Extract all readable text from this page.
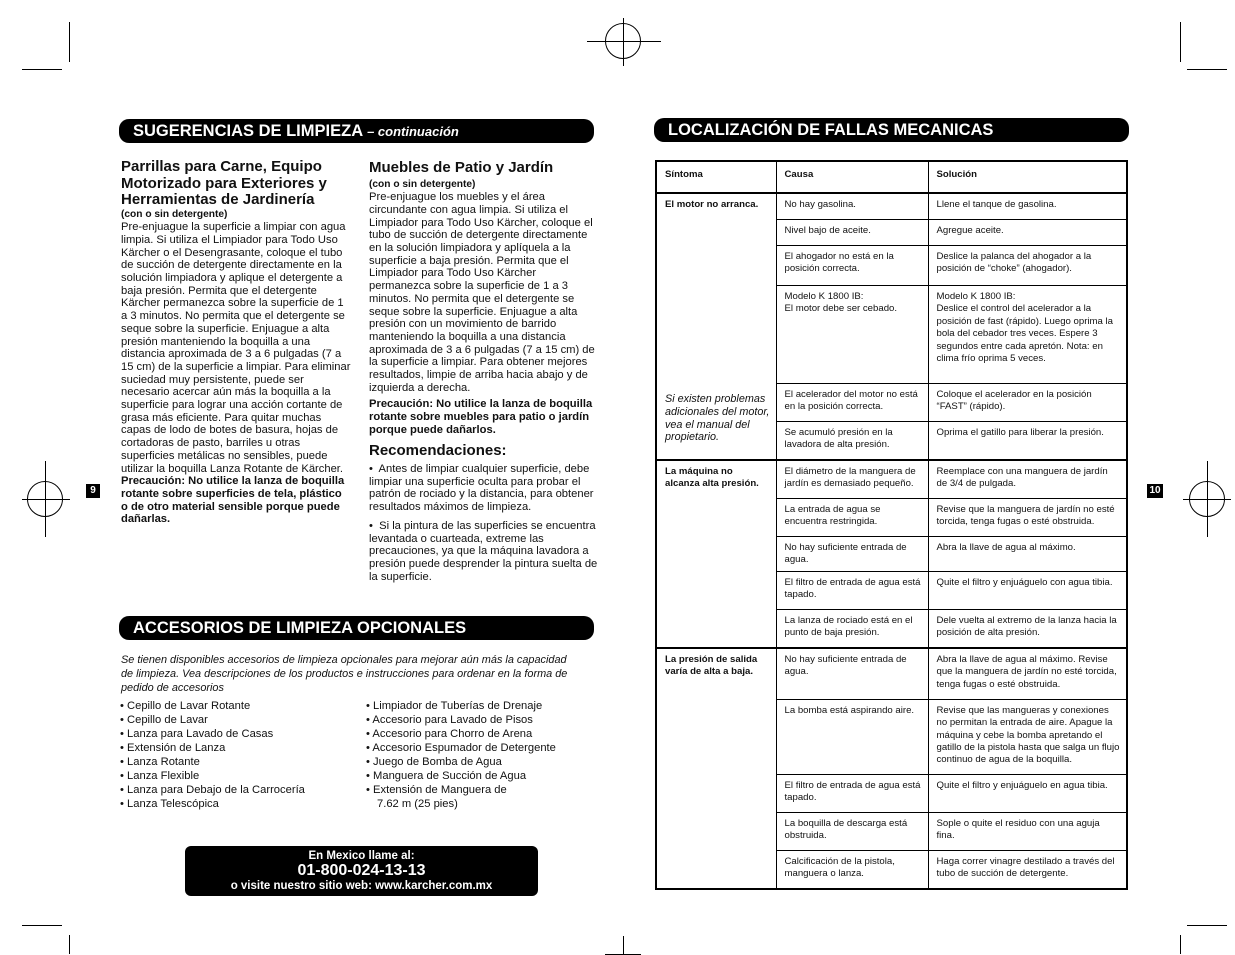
SUGERENCIAS DE LIMPIEZA – continuación

Parrillas para Carne, Equipo Motorizado para Exteriores y Herramientas de Jardinería

(con o sin detergente)

Pre-enjuague la superficie a limpiar con agua limpia. Si utiliza el Limpiador para Todo Uso Kärcher o el Desengrasante, coloque el tubo de succión de detergente directamente en la solución limpiadora y aplique el detergente a baja presión. Permita que el detergente Kärcher permanezca sobre la superficie de 1 a 3 minutos. No permita que el detergente se seque sobre la superficie. Enjuague a alta presión manteniendo la boquilla a una distancia aproximada de 3 a 6 pulgadas (7 a 15 cm) de la superficie a limpiar. Para eliminar suciedad muy persistente, puede ser necesario acercar aún más la boquilla a la superficie para lograr una acción cortante de grasa más eficiente. Para quitar muchas capas de lodo de botes de basura, hojas de cortadoras de pasto, barriles u otras superficies metálicas no sensibles, puede utilizar la boquilla Lanza Rotante de Kärcher.

Precaución: No utilice la lanza de boquilla rotante sobre superficies de tela, plástico o de otro material sensible porque puede dañarlas.

Muebles de Patio y Jardín

(con o sin detergente)

Pre-enjuague los muebles y el área circundante con agua limpia. Si utiliza el Limpiador para Todo Uso Kärcher, coloque el tubo de succión de detergente directamente en la solución limpiadora y aplíquela a la superficie a baja presión. Permita que el Limpiador para Todo Uso Kärcher permanezca sobre la superficie de 1 a 3 minutos. No permita que el detergente se seque sobre la superficie. Enjuague a alta presión con un movimiento de barrido manteniendo la boquilla a una distancia aproximada de 3 a 6 pulgadas (7 a 15 cm) de la superficie a limpiar. Para obtener mejores resultados, limpie de arriba hacia abajo y de izquierda a derecha.

Precaución: No utilice la lanza de boquilla rotante sobre muebles para patio o jardín porque puede dañarlos.

Recomendaciones:

•  Antes de limpiar cualquier superficie, debe limpiar una superficie oculta para probar el patrón de rociado y la distancia, para obtener resultados máximos de limpieza.

•  Si la pintura de las superficies se encuentra levantada o cuarteada, extreme las precauciones, ya que la máquina lavadora a presión puede desprender la pintura suelta de la superficie.

9
ACCESORIOS DE LIMPIEZA OPCIONALES
Se tienen disponibles accesorios de limpieza opcionales para mejorar aún más la capacidad de limpieza. Vea descripciones de los productos e instrucciones para ordenar en la forma de pedido de accesorios
• Cepillo de Lavar Rotante
• Cepillo de Lavar
• Lanza para Lavado de Casas
• Extensión de Lanza
• Lanza Rotante
• Lanza Flexible
• Lanza para Debajo de la Carrocería
• Lanza Telescópica
• Limpiador de Tuberías de Drenaje
• Accesorio para Lavado de Pisos
• Accesorio para Chorro de Arena
• Accesorio Espumador de Detergente
• Juego de Bomba de Agua
• Manguera de Succión de Agua
• Extensión de Manguera de
7.62 m (25 pies)
En Mexico llame al:
01-800-024-13-13
o visite nuestro sitio web: www.karcher.com.mx
LOCALIZACIÓN DE FALLAS MECANICAS
Síntoma	Causa	Solución

El motor no arranca.
Si existen problemas adicionales del motor, vea el manual del propietario.	No hay gasolina.	Llene el tanque de gasolina.
	Nivel bajo de aceite.	Agregue aceite.
	El ahogador no está en la posición correcta.	Deslice la palanca del ahogador a la posición de “choke” (ahogador).
	Modelo K 1800 IB:
El motor debe ser cebado.	Modelo K 1800 IB:
Deslice el control del acelerador a la posición de fast (rápido). Luego oprima la bola del cebador tres veces. Espere 3 segundos entre cada apretón. Nota: en clima frío oprima 5 veces.
	El acelerador del motor no está en la posición correcta.	Coloque el acelerador en la posición “FAST” (rápido).
	Se acumuló presión en la lavadora de alta presión.	Oprima el gatillo para liberar la presión.

La máquina no alcanza alta presión.	El diámetro de la manguera de jardín es demasiado pequeño.	Reemplace con una manguera de jardín de 3/4 de pulgada.
	La entrada de agua se encuentra restringida.	Revise que la manguera de jardín no esté torcida, tenga fugas o esté obstruida.
	No hay suficiente entrada de agua.	Abra la llave de agua al máximo.
	El filtro de entrada de agua está tapado.	Quite el filtro y enjuáguelo con agua tibia.
	La lanza de rociado está en el punto de baja presión.	Dele vuelta al extremo de la lanza hacia la posición de alta presión.

La presión de salida varía de alta a baja.	No hay suficiente entrada de agua.	Abra la llave de agua al máximo. Revise que la manguera de jardín no esté torcida, tenga fugas o esté obstruida.
	La bomba está aspirando aire.	Revise que las mangueras y conexiones no permitan la entrada de aire. Apague la máquina y cebe la bomba apretando el gatillo de la pistola hasta que salga un flujo continuo de agua de la boquilla.
	El filtro de entrada de agua está tapado.	Quite el filtro y enjuáguelo en agua tibia.
	La boquilla de descarga está obstruida.	Sople o quite el residuo con una aguja fina.
	Calcificación de la pistola, manguera o lanza.	Haga correr vinagre destilado a través del tubo de succión de detergente.
10
